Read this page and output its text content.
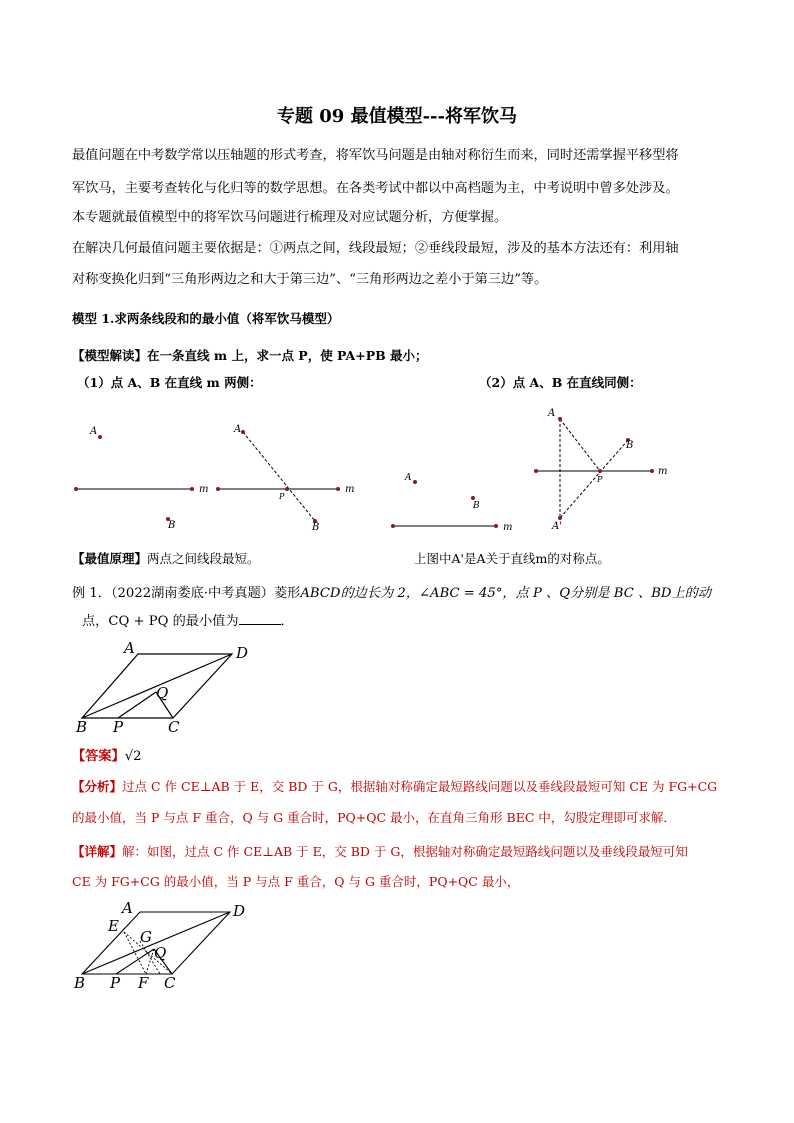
专题 09 最值模型---将军饮马
最值问题在中考数学常以压轴题的形式考查，将军饮马问题是由轴对称衍生而来，同时还需掌握平移型将
军饮马，主要考查转化与化归等的数学思想。在各类考试中都以中高档题为主，中考说明中曾多处涉及。
本专题就最值模型中的将军饮马问题进行梳理及对应试题分析，方便掌握。
在解决几何最值问题主要依据是：①两点之间，线段最短；②垂线段最短，涉及的基本方法还有：利用轴
对称变换化归到“三角形两边之和大于第三边”、“三角形两边之差小于第三边”等。
模型 1.求两条线段和的最小值（将军饮马模型）
【模型解读】在一条直线 m 上，求一点 P，使 PA+PB 最小；
（1）点 A、B 在直线 m 两侧：	（2）点 A、B 在直线同侧：
A
B
m
A
B
m
P
A
B
m
A
B
m
P
A'
【最值原理】两点之间线段最短。	上图中A'是A关于直线m的对称点。
例 1．（2022湖南娄底·中考真题）菱形ABCD的边长为 2，∠ABC = 45°，点 P 、Q分别是 BC 、BD上的动
点，CQ + PQ 的最小值为	．
A	D
B P	C
Q
【答案】√2
【分析】过点 C 作 CE⊥AB 于 E，交 BD 于 G，根据轴对称确定最短路线问题以及垂线段最短可知 CE 为 FG+CG
的最小值，当 P 与点 F 重合，Q 与 G 重合时，PQ+QC 最小，在直角三角形 BEC 中，勾股定理即可求解．
【详解】解：如图，过点 C 作 CE⊥AB 于 E，交 BD 于 G，根据轴对称确定最短路线问题以及垂线段最短可知
CE 为 FG+CG 的最小值，当 P 与点 F 重合，Q 与 G 重合时，PQ+QC 最小，
A	D
E
G
Q
B P F C
